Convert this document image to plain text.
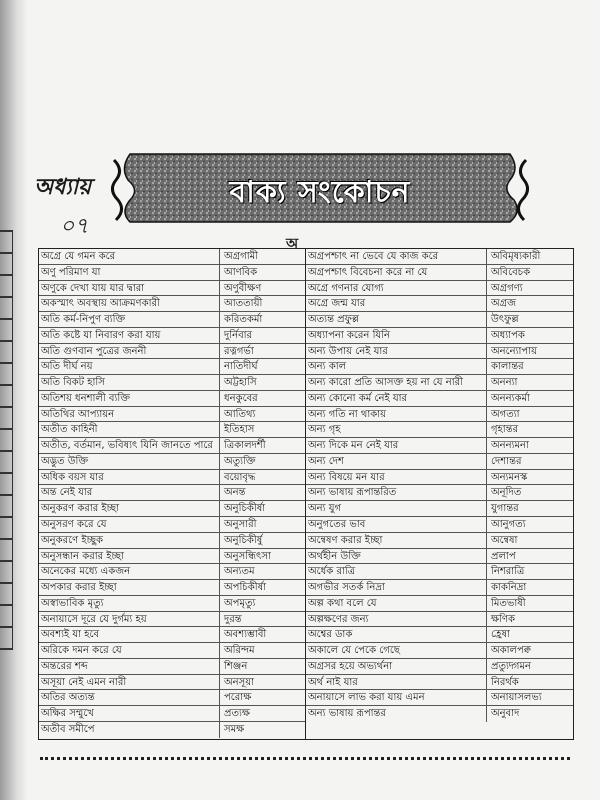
অধ্যায়
০৭
বাক্য সংকোচন
অ
অগ্রে যে গমন করে	অগ্রগামী
অণু পরিমাণ যা	আণবিক
অণুকে দেখা যায় যার দ্বারা	অণুবীক্ষণ
অকস্মাৎ অবস্থায় আক্রমণকারী	আততায়ী
অতি কর্ম-নিপুণ ব্যক্তি	করিতকর্মা
অতি কষ্টে যা নিবারণ করা যায়	দুর্নিবার
অতি গুণবান পুত্রের জননী	রত্নগর্ভা
অতি দীর্ঘ নয়	নাতিদীর্ঘ
অতি বিকট হাসি	অট্টহাসি
অতিশয় ধনশালী ব্যক্তি	ধনকুবের
অতিথির আপ্যায়ন	আতিথ্য
অতীত কাহিনী	ইতিহাস
অতীত, বর্তমান, ভবিষ্যৎ যিনি জানতে পারে	ত্রিকালদর্শী
অদ্ভুত উক্তি	অত্যুক্তি
অধিক বয়স যার	বয়োবৃদ্ধ
অন্ত নেই যার	অনন্ত
অনুকরণ করার ইচ্ছা	অনুচিকীর্ষা
অনুসরণ করে যে	অনুসারী
অনুকরণে ইচ্ছুক	অনুচিকীর্ষু
অনুসন্ধান করার ইচ্ছা	অনুসন্ধিৎসা
অনেকের মধ্যে একজন	অন্যতম
অপকার করার ইচ্ছা	অপচিকীর্ষা
অস্বাভাবিক মৃত্যু	অপমৃত্যু
অনায়াসে দূরে যে দুর্গম্য হয়	দুরন্ত
অবশ্যই যা হবে	অবশ্যম্ভাবী
অরিকে দমন করে যে	অরিন্দম
অন্তরের শব্দ	শিঞ্জন
অসূয়া নেই এমন নারী	অনসূয়া
অতির অত্যন্ত	পরোক্ষ
অক্ষির সম্মুখে	প্রত্যক্ষ
অতীব সমীপে	সমক্ষ
অগ্রপশ্চাৎ না ভেবে যে কাজ করে	অবিমৃষ্যকারী
অগ্রপশ্চাৎ বিবেচনা করে না যে	অবিবেচক
অগ্রে গণনার যোগ্য	অগ্রগণ্য
অগ্রে জন্ম যার	অগ্রজ
অত্যন্ত প্রফুল্ল	উৎফুল্ল
অধ্যাপনা করেন যিনি	অধ্যাপক
অন্য উপায় নেই যার	অনন্যোপায়
অন্য কাল	কালান্তর
অন্য কারো প্রতি আসক্ত হয় না যে নারী	অনন্যা
অন্য কোনো কর্ম নেই যার	অনন্যকর্মা
অন্য গতি না থাকায়	অগত্যা
অন্য গৃহ	গৃহান্তর
অন্য দিকে মন নেই যার	অনন্যমনা
অন্য দেশ	দেশান্তর
অন্য বিষয়ে মন যার	অন্যমনস্ক
অন্য ভাষায় রূপান্তরিত	অনূদিত
অন্য যুগ	যুগান্তর
অনুগতের ভাব	আনুগত্য
অন্বেষণ করার ইচ্ছা	অন্বেষা
অর্থহীন উক্তি	প্রলাপ
অর্ধেক রাত্রি	নিশরাত্রি
অগভীর সতর্ক নিদ্রা	কাকনিদ্রা
অল্প কথা বলে যে	মিতভাষী
অল্পক্ষণের জন্য	ক্ষণিক
অশ্বের ডাক	হ্রেষা
অকালে যে পেকে গেছে	অকালপক্ব
অগ্রসর হয়ে অভ্যর্থনা	প্রত্যুদ্গমন
অর্থ নাই যার	নিরর্থক
অনায়াসে লাভ করা যায় এমন	অনায়াসলভ্য
অন্য ভাষায় রূপান্তর	অনুবাদ
